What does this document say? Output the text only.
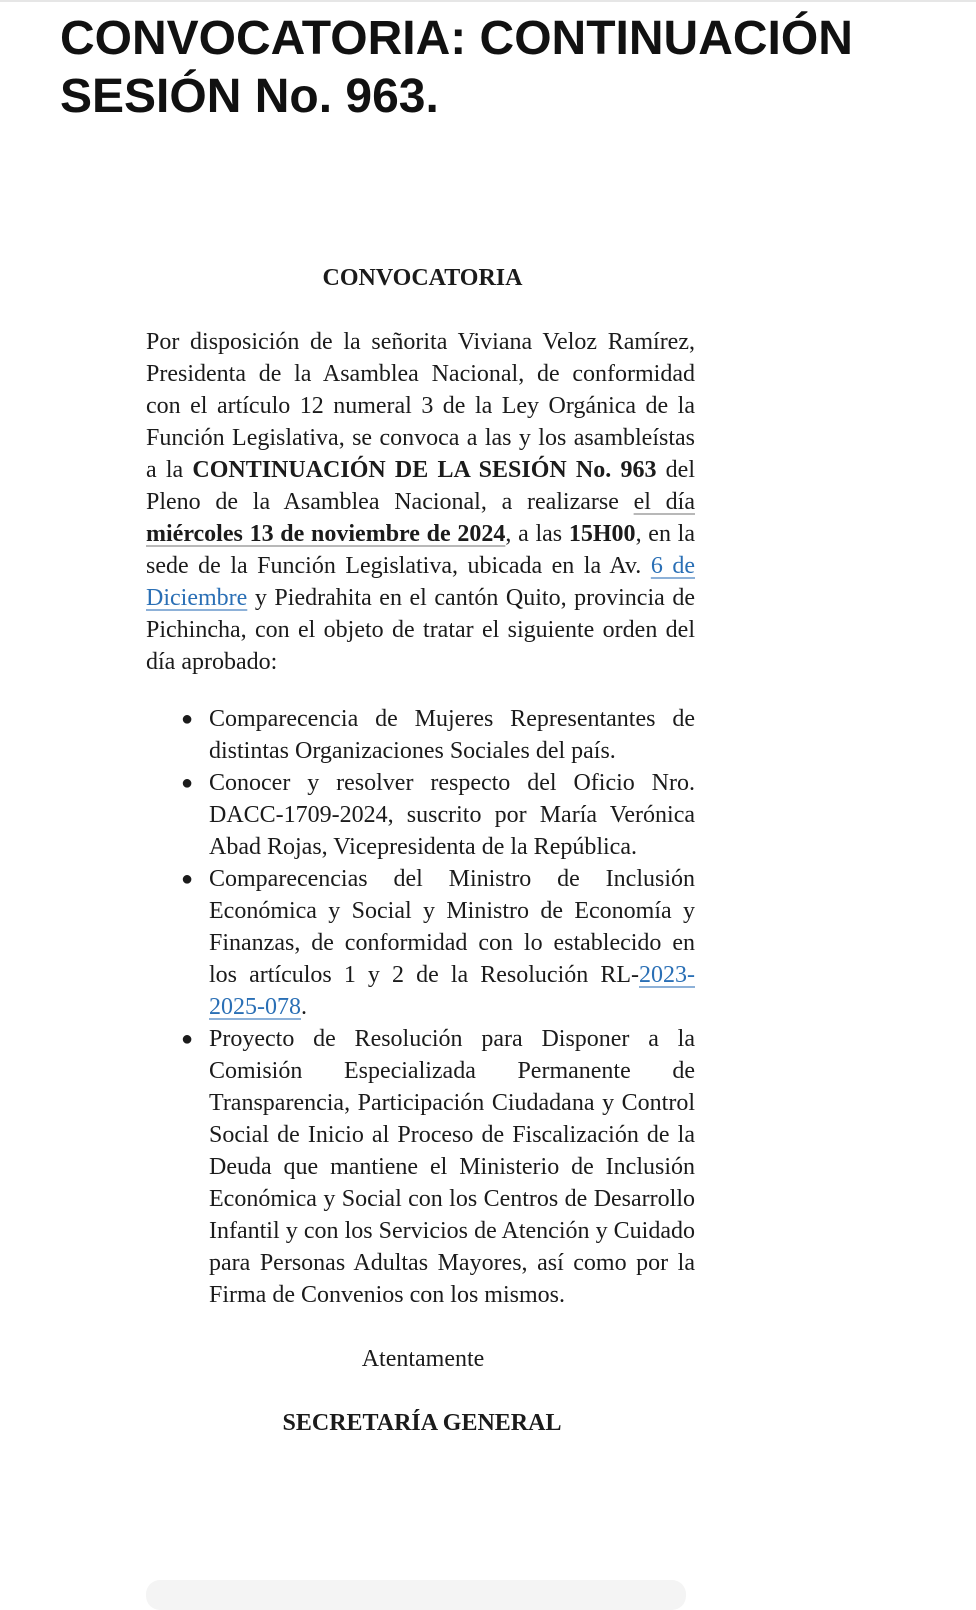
CONVOCATORIA: CONTINUACIÓN SESIÓN No. 963.
CONVOCATORIA

Por disposición de la señorita Viviana Veloz Ramírez, Presidenta de la Asamblea Nacional, de conformidad con el artículo 12 numeral 3 de la Ley Orgánica de la Función Legislativa, se convoca a las y los asambleístas a la CONTINUACIÓN DE LA SESIÓN No. 963 del Pleno de la Asamblea Nacional, a realizarse el día miércoles 13 de noviembre de 2024, a las 15H00, en la sede de la Función Legislativa, ubicada en la Av. 6 de Diciembre y Piedrahita en el cantón Quito, provincia de Pichincha, con el objeto de tratar el siguiente orden del día aprobado:

● Comparecencia de Mujeres Representantes de distintas Organizaciones Sociales del país.
● Conocer y resolver respecto del Oficio Nro. DACC-1709-2024, suscrito por María Verónica Abad Rojas, Vicepresidenta de la República.
● Comparecencias del Ministro de Inclusión Económica y Social y Ministro de Economía y Finanzas, de conformidad con lo establecido en los artículos 1 y 2 de la Resolución RL-2023-2025-078.
● Proyecto de Resolución para Disponer a la Comisión Especializada Permanente de Transparencia, Participación Ciudadana y Control Social de Inicio al Proceso de Fiscalización de la Deuda que mantiene el Ministerio de Inclusión Económica y Social con los Centros de Desarrollo Infantil y con los Servicios de Atención y Cuidado para Personas Adultas Mayores, así como por la Firma de Convenios con los mismos.
Atentamente
SECRETARÍA GENERAL
